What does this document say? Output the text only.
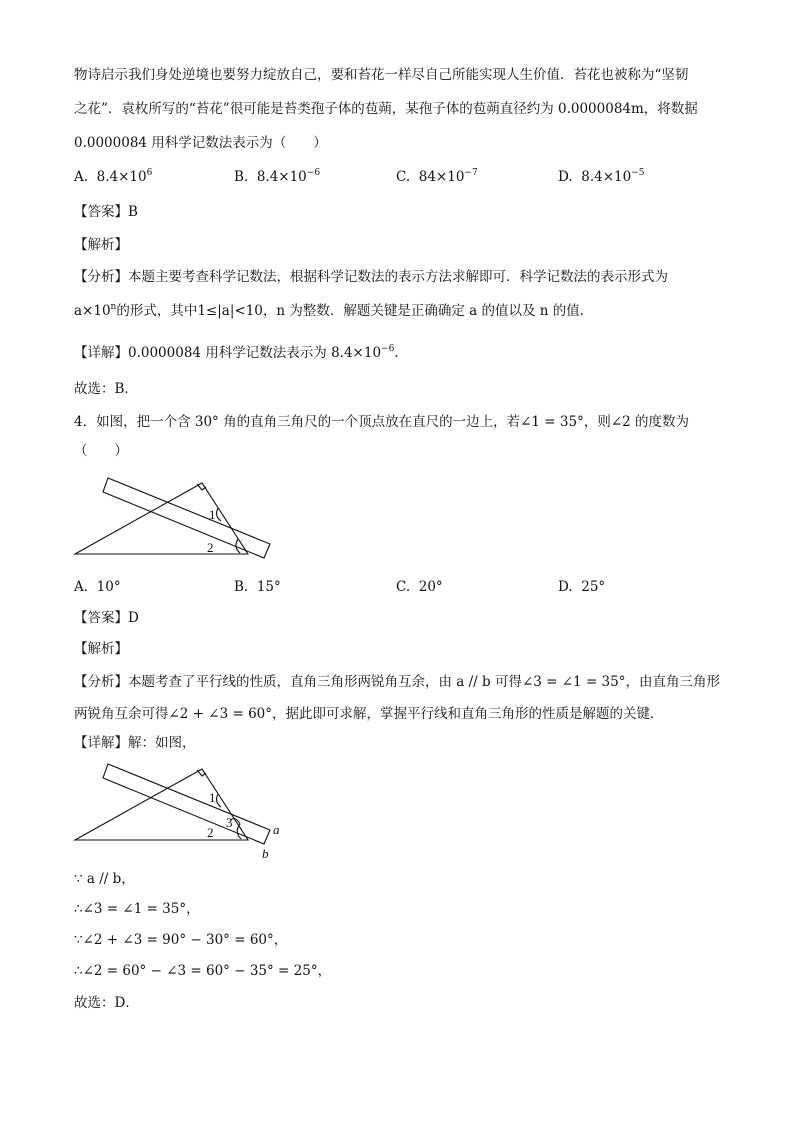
物诗启示我们身处逆境也要努力绽放自己，要和苔花一样尽自己所能实现人生价值．苔花也被称为“坚韧
之花”．袁枚所写的“苔花”很可能是苔类孢子体的苞蒴，某孢子体的苞蒴直径约为 0.0000084m，将数据
0.0000084 用科学记数法表示为（　　）
A. $8.4\times 10^6$	B. $8.4\times 10^{-6}$	C. $84\times 10^{-7}$	D. $8.4\times 10^{-5}$
【答案】B
【解析】
【分析】本题主要考查科学记数法，根据科学记数法的表示方法求解即可．科学记数法的表示形式为
$a\times 10^n$的形式，其中1≤|a|<10，n 为整数．解题关键是正确确定 a 的值以及 n 的值．
【详解】0.0000084 用科学记数法表示为 $8.4\times 10^{-6}$．
故选：B．
4．如图，把一个含 30° 角的直角三角尺的一个顶点放在直尺的一边上，若∠1 = 35°，则∠2 的度数为
（　　）
1
2
A. 10°	B. 15°	C. 20°	D. 25°
【答案】D
【解析】
【分析】本题考查了平行线的性质，直角三角形两锐角互余，由 a // b 可得∠3 = ∠1 = 35°，由直角三角形
两锐角互余可得∠2 + ∠3 = 60°，据此即可求解，掌握平行线和直角三角形的性质是解题的关键．
【详解】解：如图，
1
2
3	a
b
∵ a // b，
∴∠3 = ∠1 = 35°，
∵∠2 + ∠3 = 90° − 30° = 60°，
∴∠2 = 60° − ∠3 = 60° − 35° = 25°，
故选：D．
